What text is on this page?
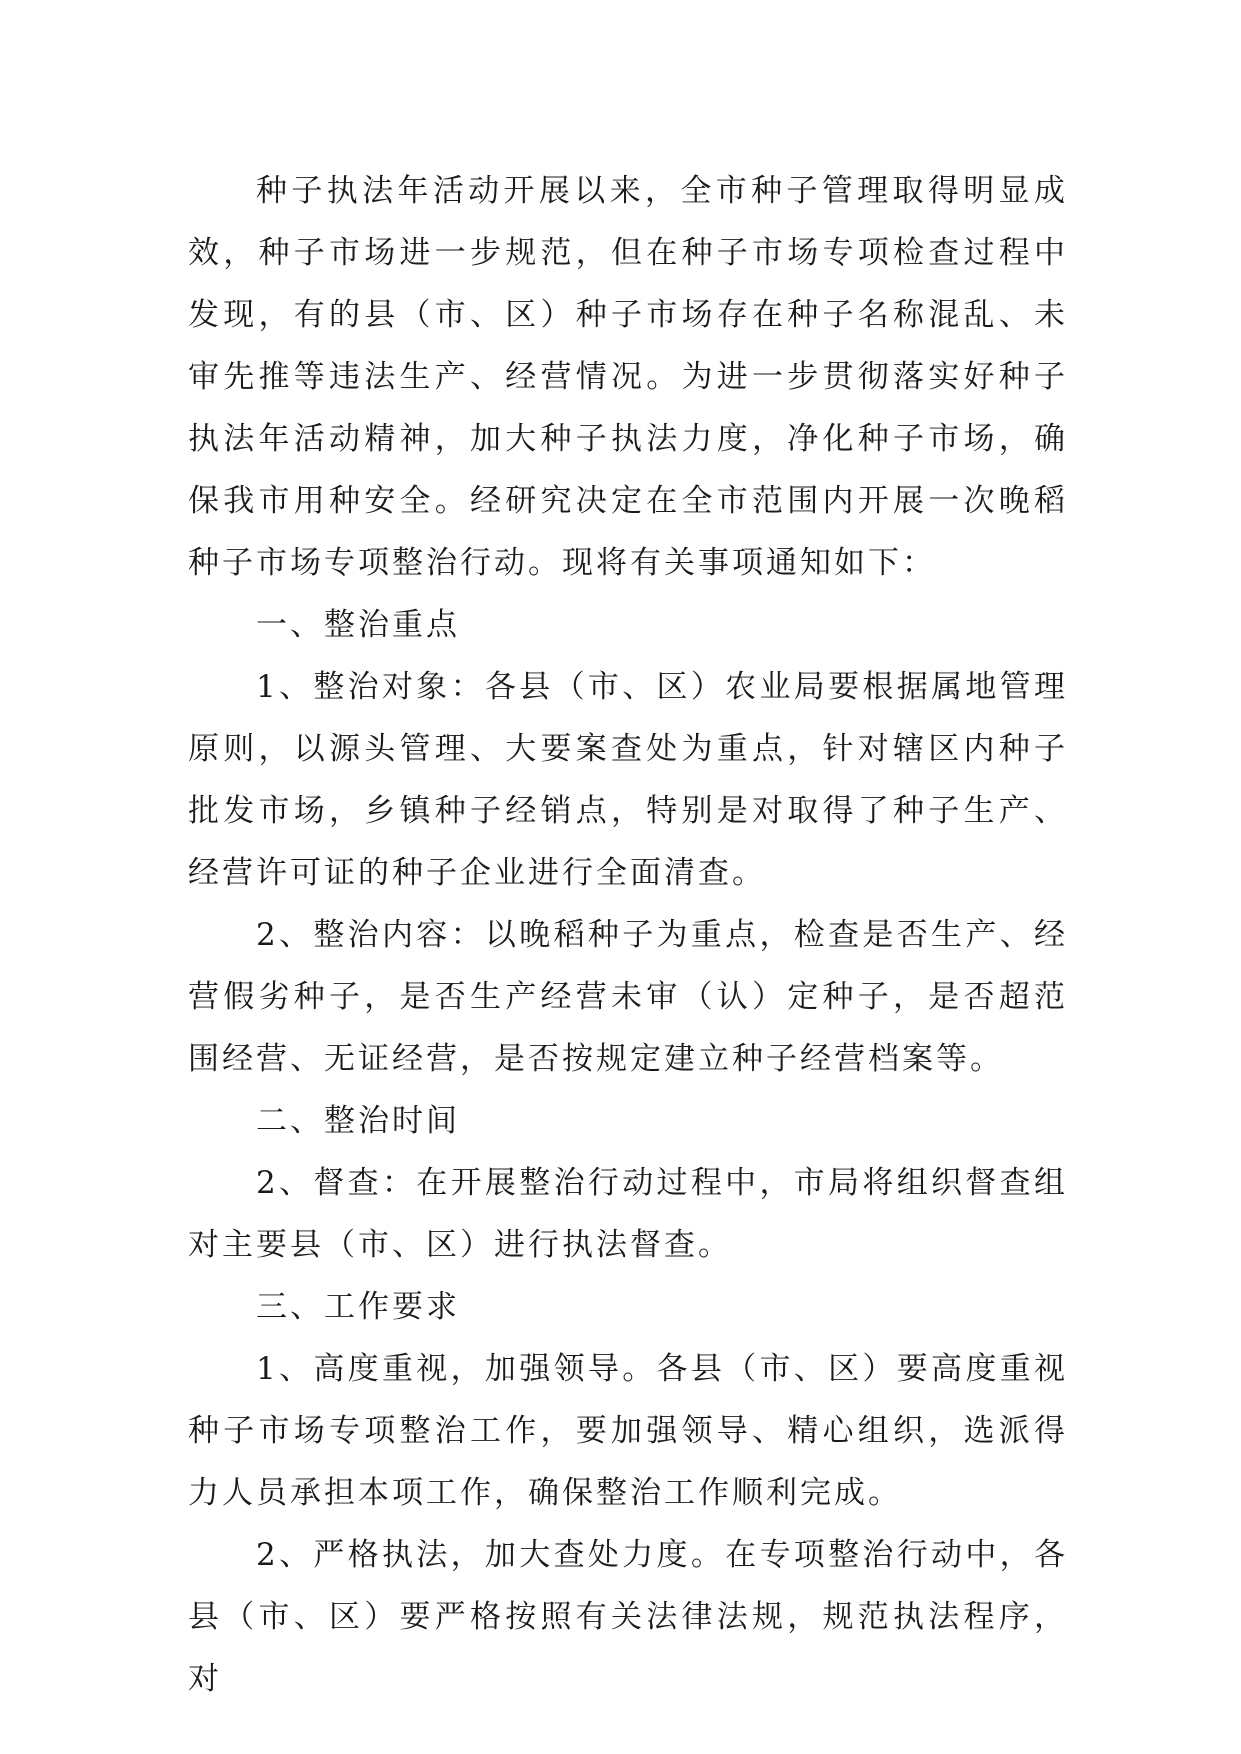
种子执法年活动开展以来，全市种子管理取得明显成效，种子市场进一步规范，但在种子市场专项检查过程中发现，有的县（市、区）种子市场存在种子名称混乱、未审先推等违法生产、经营情况。为进一步贯彻落实好种子执法年活动精神，加大种子执法力度，净化种子市场，确保我市用种安全。经研究决定在全市范围内开展一次晚稻种子市场专项整治行动。现将有关事项通知如下：

一、整治重点

1、整治对象：各县（市、区）农业局要根据属地管理原则，以源头管理、大要案查处为重点，针对辖区内种子批发市场，乡镇种子经销点，特别是对取得了种子生产、经营许可证的种子企业进行全面清查。

2、整治内容：以晚稻种子为重点，检查是否生产、经营假劣种子，是否生产经营未审（认）定种子，是否超范围经营、无证经营，是否按规定建立种子经营档案等。

二、整治时间

2、督查：在开展整治行动过程中，市局将组织督查组对主要县（市、区）进行执法督查。

三、工作要求

1、高度重视，加强领导。各县（市、区）要高度重视种子市场专项整治工作，要加强领导、精心组织，选派得力人员承担本项工作，确保整治工作顺利完成。

2、严格执法，加大查处力度。在专项整治行动中，各县（市、区）要严格按照有关法律法规，规范执法程序，对
